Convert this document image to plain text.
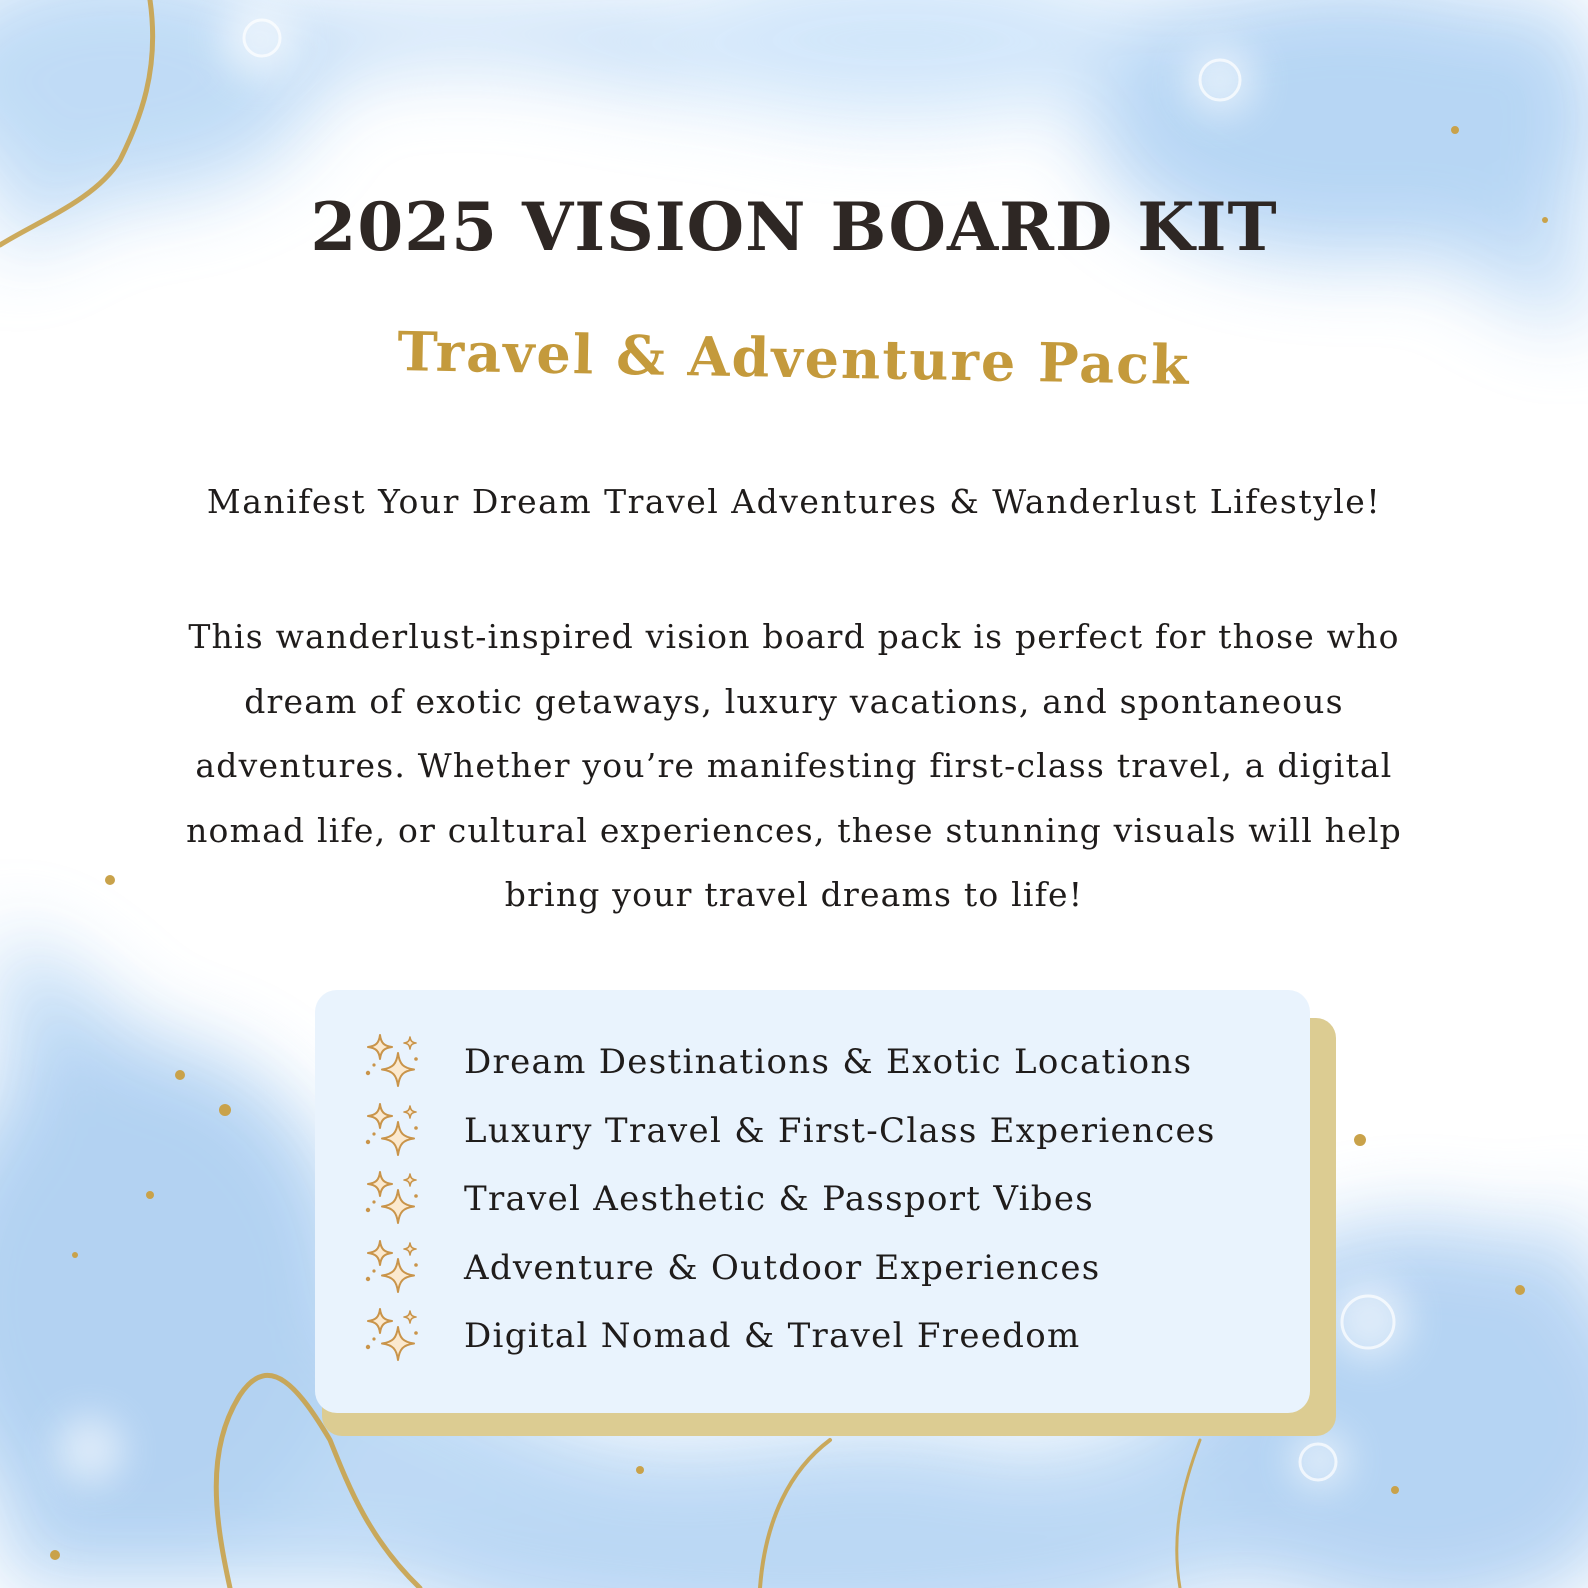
2025 VISION BOARD KIT
Travel & Adventure Pack
Manifest Your Dream Travel Adventures & Wanderlust Lifestyle!
This wanderlust-inspired vision board pack is perfect for those who dream of exotic getaways, luxury vacations, and spontaneous adventures. Whether you’re manifesting first-class travel, a digital nomad life, or cultural experiences, these stunning visuals will help bring your travel dreams to life!
Dream Destinations & Exotic Locations
Luxury Travel & First-Class Experiences
Travel Aesthetic & Passport Vibes
Adventure & Outdoor Experiences
Digital Nomad & Travel Freedom
